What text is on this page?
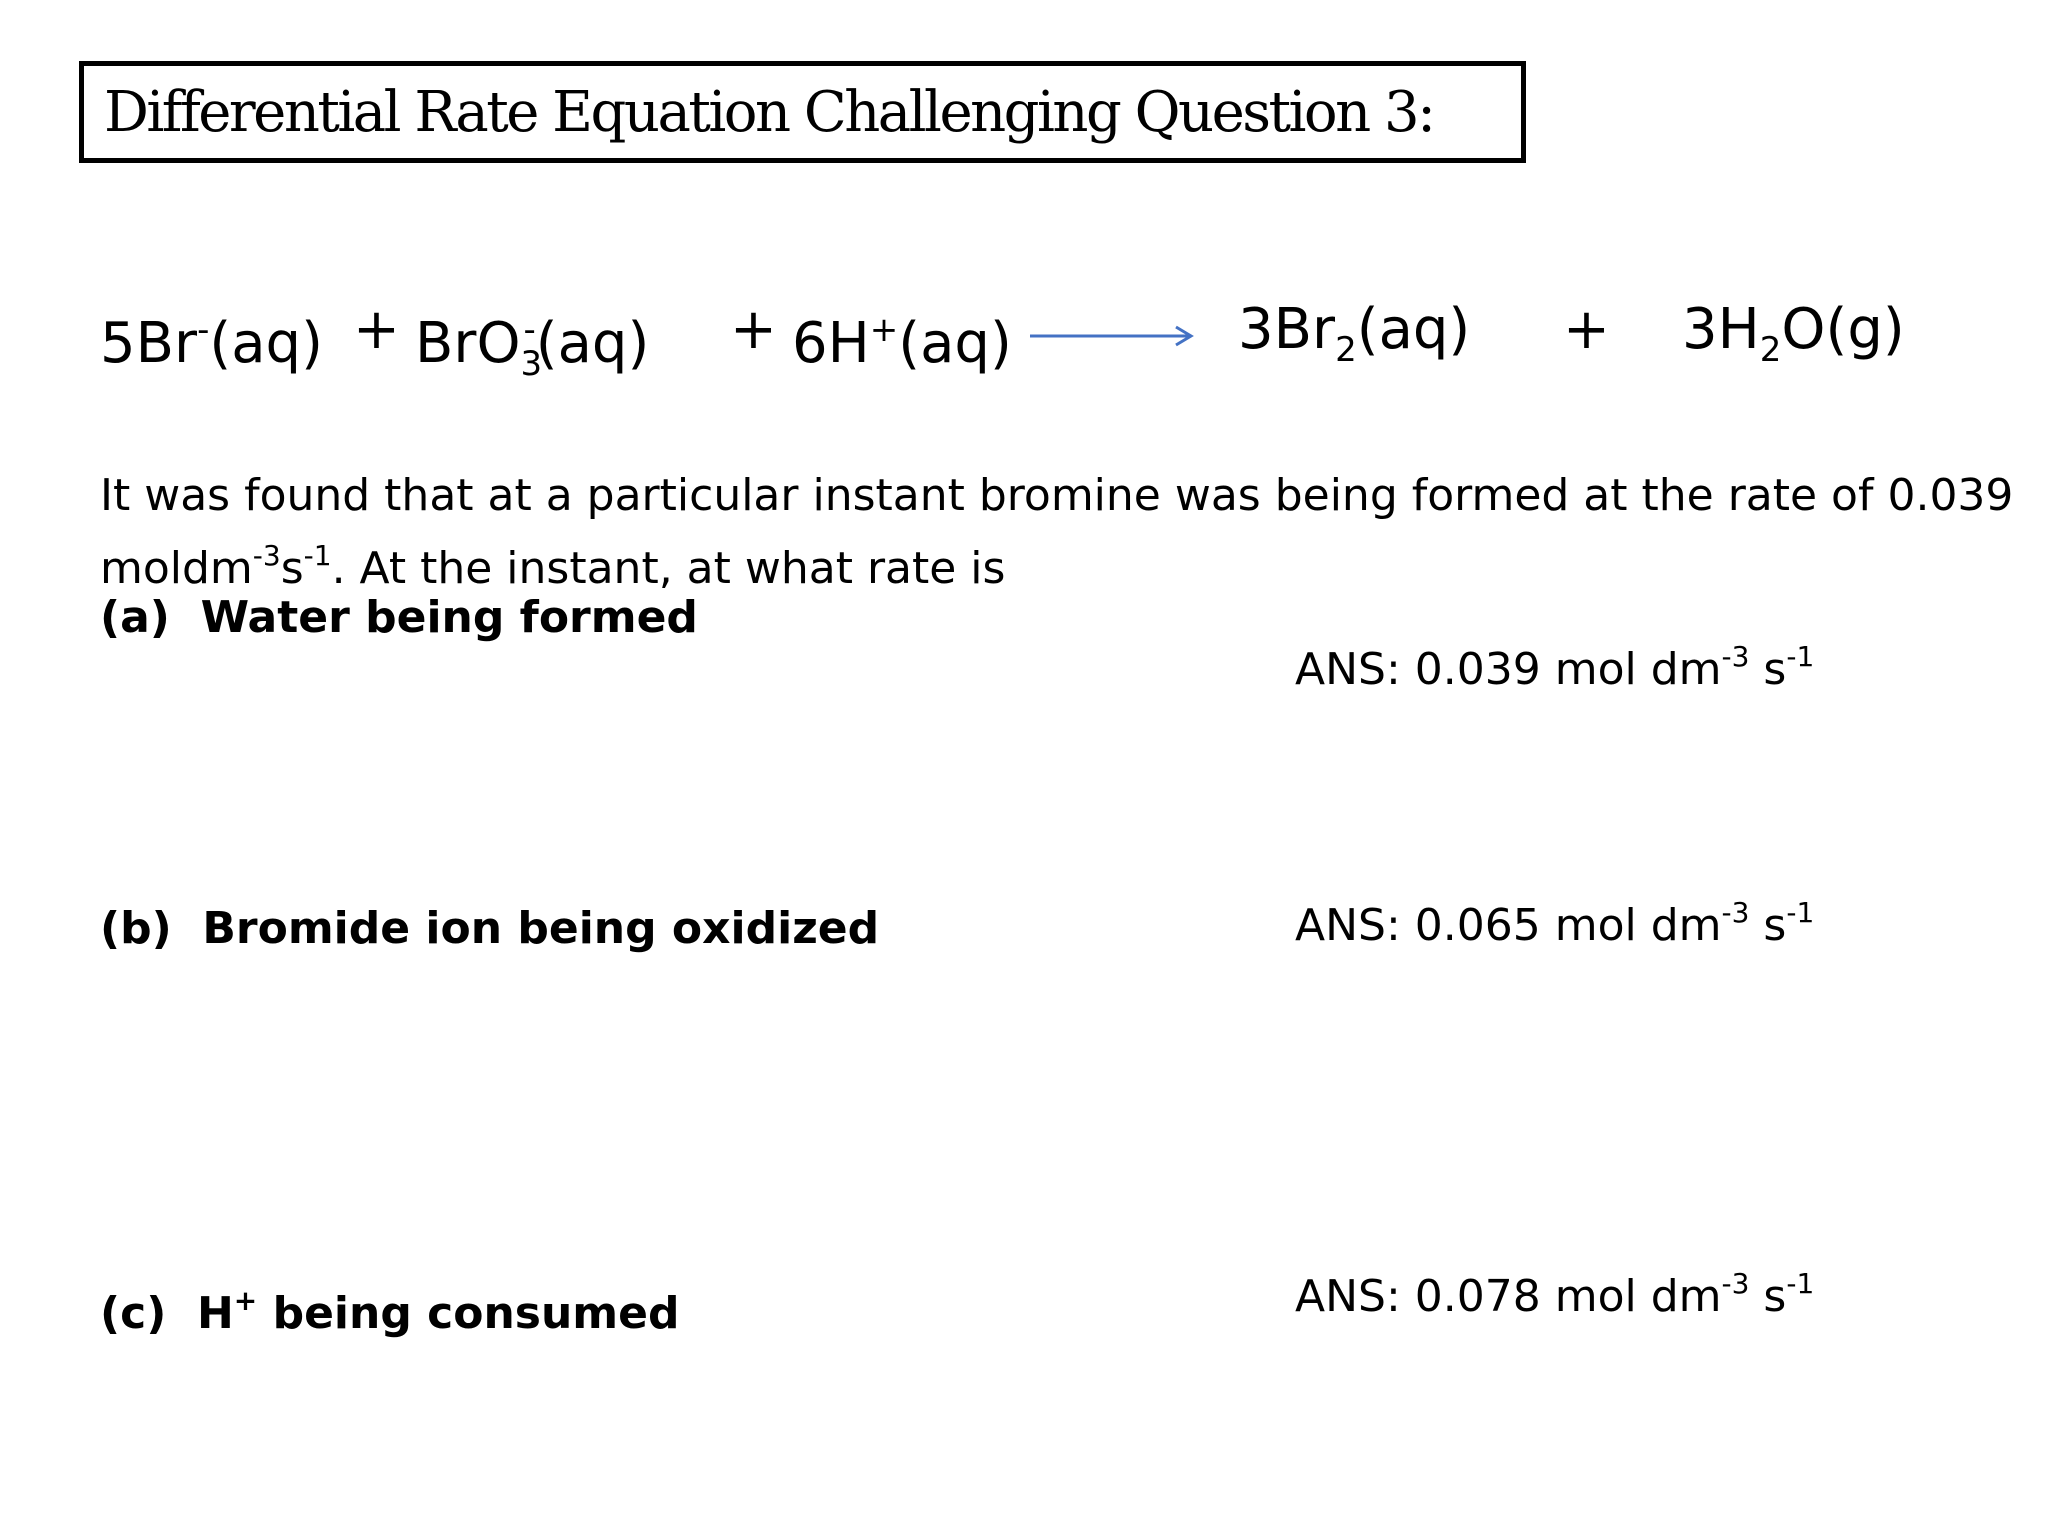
Differential Rate Equation Challenging Question 3:
5Br-(aq) + BrO$_3$-(aq) + 6H+(aq)	$3Br_2(aq) + 3H_2O(g)$
It was found that at a particular instant bromine was being formed at the rate of 0.039
$moldm^{-3}s^{-1}$. At the instant, at what rate is
(a) Water being formed
ANS: 0.039 mol $dm^{-3}$ $s^{-1}$
(b) Bromide ion being oxidized	ANS: 0.065 mol $dm^{-3}$ $s^{-1}$
(c) H+ being consumed	ANS: 0.078 mol $dm^{-3}$ $s^{-1}$
